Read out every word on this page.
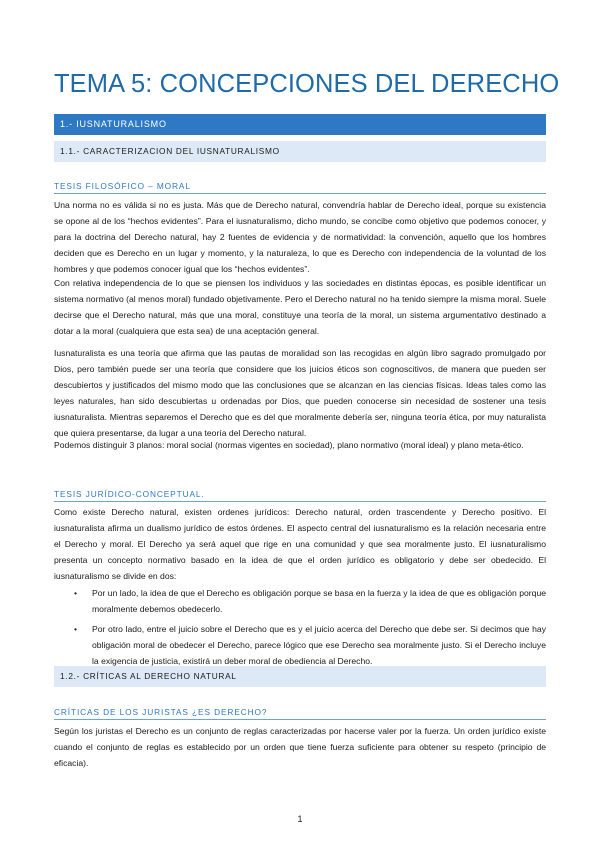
TEMA 5: CONCEPCIONES DEL DERECHO
1.- IUSNATURALISMO
1.1.- CARACTERIZACION DEL IUSNATURALISMO
TESIS FILOSÓFICO – MORAL

Una norma no es válida si no es justa. Más que de Derecho natural, convendría hablar de Derecho ideal, porque su existencia se opone al de los “hechos evidentes”. Para el iusnaturalismo, dicho mundo, se concibe como objetivo que podemos conocer, y para la doctrina del Derecho natural, hay 2 fuentes de evidencia y de normatividad: la convención, aquello que los hombres deciden que es Derecho en un lugar y momento, y la naturaleza, lo que es Derecho con independencia de la voluntad de los hombres y que podemos conocer igual que los “hechos evidentes”.

Con relativa independencia de lo que se piensen los individuos y las sociedades en distintas épocas, es posible identificar un sistema normativo (al menos moral) fundado objetivamente. Pero el Derecho natural no ha tenido siempre la misma moral. Suele decirse que el Derecho natural, más que una moral, constituye una teoría de la moral, un sistema argumentativo destinado a dotar a la moral (cualquiera que esta sea) de una aceptación general.

Iusnaturalista es una teoría que afirma que las pautas de moralidad son las recogidas en algún libro sagrado promulgado por Dios, pero también puede ser una teoría que considere que los juicios éticos son cognoscitivos, de manera que pueden ser descubiertos y justificados del mismo modo que las conclusiones que se alcanzan en las ciencias físicas. Ideas tales como las leyes naturales, han sido descubiertas u ordenadas por Dios, que pueden conocerse sin necesidad de sostener una tesis iusnaturalista. Mientras separemos el Derecho que es del que moralmente debería ser, ninguna teoría ética, por muy naturalista que quiera presentarse, da lugar a una teoría del Derecho natural.

Podemos distinguir 3 planos: moral social (normas vigentes en sociedad), plano normativo (moral ideal) y plano meta-ético.

TESIS JURÍDICO-CONCEPTUAL.

Como existe Derecho natural, existen ordenes jurídicos: Derecho natural, orden trascendente y Derecho positivo. El iusnaturalista afirma un dualismo jurídico de estos órdenes. El aspecto central del iusnaturalismo es la relación necesaria entre el Derecho y moral. El Derecho ya será aquel que rige en una comunidad y que sea moralmente justo. El iusnaturalismo presenta un concepto normativo basado en la idea de que el orden jurídico es obligatorio y debe ser obedecido. El iusnaturalismo se divide en dos:

• Por un lado, la idea de que el Derecho es obligación porque se basa en la fuerza y la idea de que es obligación porque moralmente debemos obedecerlo.
• Por otro lado, entre el juicio sobre el Derecho que es y el juicio acerca del Derecho que debe ser. Si decimos que hay obligación moral de obedecer el Derecho, parece lógico que ese Derecho sea moralmente justo. Si el Derecho incluye la exigencia de justicia, existirá un deber moral de obediencia al Derecho.
1.2.- CRÍTICAS AL DERECHO NATURAL
CRÍTICAS DE LOS JURISTAS ¿ES DERECHO?

Según los juristas el Derecho es un conjunto de reglas caracterizadas por hacerse valer por la fuerza. Un orden jurídico existe cuando el conjunto de reglas es establecido por un orden que tiene fuerza suficiente para obtener su respeto (principio de eficacia).

1
